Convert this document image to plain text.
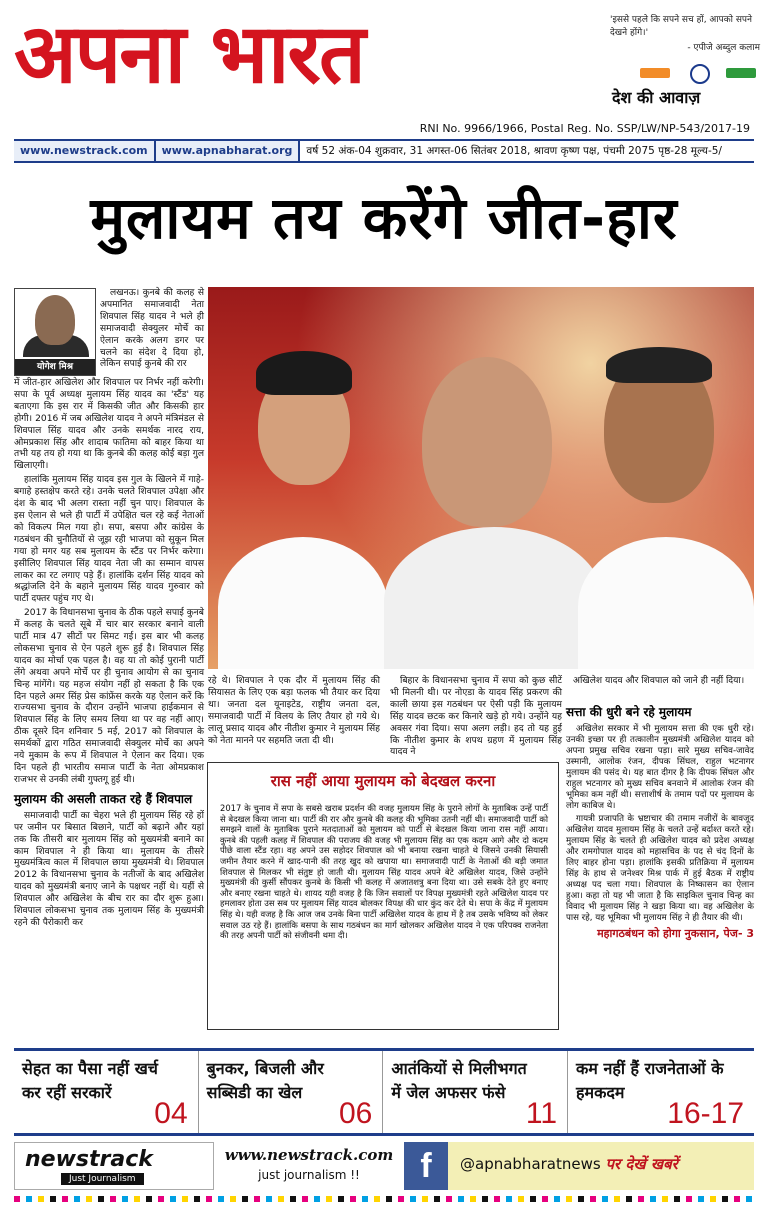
अपना भारत	'इससे पहले कि सपने सच हों, आपको सपने देखने होंगे।'
- एपीजे अब्दुल कलाम
देश की आवाज़
RNI No. 9966/1966, Postal Reg. No. SSP/LW/NP-543/2017-19
www.newstrack.com	www.apnabharat.org	वर्ष 52 अंक-04 शुक्रवार, 31 अगस्त-06 सितंबर 2018, श्रावण कृष्ण पक्ष, पंचमी 2075 पृष्ठ-28 मूल्य-5/
मुलायम तय करेंगे जीत-हार
योगेश मिश्र

लखनऊ। कुनबे की कलह से अपमानित समाजवादी नेता शिवपाल सिंह यादव ने भले ही समाजवादी सेक्युलर मोर्चे का ऐलान करके अलग डगर पर चलने का संदेश दे दिया हो, लेकिन सपाई कुनबे की रार

में जीत-हार अखिलेश और शिवपाल पर निर्भर नहीं करेगी। सपा के पूर्व अध्यक्ष मुलायम सिंह यादव का 'स्टैंड' यह बताएगा कि इस रार में किसकी जीत और किसकी हार होगी। 2016 में जब अखिलेश यादव ने अपने मंत्रिमंडल से शिवपाल सिंह यादव और उनके समर्थक नारद राय, ओमप्रकाश सिंह और शादाब फातिमा को बाहर किया था तभी यह तय हो गया था कि कुनबे की कलह कोई बड़ा गुल खिलाएगी।

हालांकि मुलायम सिंह यादव इस गुल के खिलने में गाहे-बगाहे हस्तक्षेप करते रहे। उनके चलते शिवपाल उपेक्षा और दंश के बाद भी अलग रास्ता नहीं चुन पाए। शिवपाल के इस ऐलान से भले ही पार्टी में उपेक्षित चल रहे कई नेताओं को विकल्प मिल गया हो। सपा, बसपा और कांग्रेस के गठबंधन की चुनौतियों से जूझ रही भाजपा को सुकून मिल गया हो मगर यह सब मुलायम के स्टैंड पर निर्भर करेगा। इसीलिए शिवपाल सिंह यादव नेता जी का सम्मान वापस लाकर का रट लगाए पड़े हैं। हालांकि दर्शन सिंह यादव को श्रद्धांजलि देने के बहाने मुलायम सिंह यादव गुरुवार को पार्टी दफ्तर पहुंच गए थे।

2017 के विधानसभा चुनाव के ठीक पहले सपाई कुनबे में कलह के चलते सूबे में चार बार सरकार बनाने वाली पार्टी मात्र 47 सीटों पर सिमट गई। इस बार भी कलह लोकसभा चुनाव से ऐन पहले शुरू हुई है। शिवपाल सिंह यादव का मोर्चा एक पहल है। वह या तो कोई पुरानी पार्टी लेंगे अथवा अपने मोर्चे पर ही चुनाव आयोग से का चुनाव चिन्ह मांगेंगे। यह महज संयोग नहीं हो सकता है कि एक दिन पहले अमर सिंह प्रेस कांफ्रेंस करके यह ऐलान करें कि राज्यसभा चुनाव के दौरान उन्होंने भाजपा हाईकमान से शिवपाल सिंह के लिए समय लिया था पर वह नहीं आए। ठीक दूसरे दिन शनिवार 5 मई, 2017 को शिवपाल के समर्थकों द्वारा गठित समाजवादी सेक्युलर मोर्चे का अपने नये मुकाम के रूप में शिवपाल ने ऐलान कर दिया। एक दिन पहले ही भारतीय समाज पार्टी के नेता ओमप्रकाश राजभर से उनकी लंबी गुफ्तगू हुई थी।

मुलायम की असली ताकत रहे हैं शिवपाल

समाजवादी पार्टी का चेहरा भले ही मुलायम सिंह रहे हों पर जमीन पर बिसात बिछाने, पार्टी को बढ़ाने और यहां तक कि तीसरी बार मुलायम सिंह को मुख्यमंत्री बनाने का काम शिवपाल ने ही किया था। मुलायम के तीसरे मुख्यमंत्रित्व काल में शिवपाल छाया मुख्यमंत्री थे। शिवपाल 2012 के विधानसभा चुनाव के नतीजों के बाद अखिलेश यादव को मुख्यमंत्री बनाए जाने के पक्षधर नहीं थे। यहीं से शिवपाल और अखिलेश के बीच रार का दौर शुरू हुआ। शिवपाल लोकसभा चुनाव तक मुलायम सिंह के मुख्यमंत्री रहने की पैरोकारी कर

रहे थे। शिवपाल ने एक दौर में मुलायम सिंह की सियासत के लिए एक बड़ा फलक भी तैयार कर दिया था। जनता दल यूनाइटेड, राष्ट्रीय जनता दल, समाजवादी पार्टी में विलय के लिए तैयार हो गये थे। लालू प्रसाद यादव और नीतीश कुमार ने मुलायम सिंह को नेता मानने पर सहमति जता दी थी।

बिहार के विधानसभा चुनाव में सपा को कुछ सीटें भी मिलनी थी। पर नोएडा के यादव सिंह प्रकरण की काली छाया इस गठबंधन पर ऐसी पड़ी कि मुलायम सिंह यादव छटक कर किनारे खड़े हो गये। उन्होंने यह अवसर गंवा दिया। सपा अलग लड़ी। हद तो यह हुई कि नीतीश कुमार के शपथ ग्रहण में मुलायम सिंह यादव ने

अखिलेश यादव और शिवपाल को जाने ही नहीं दिया।

रास नहीं आया मुलायम को बेदखल करना
2017 के चुनाव में सपा के सबसे खराब प्रदर्शन की वजह मुलायम सिंह के पुराने लोगों के मुताबिक उन्हें पार्टी से बेदखल किया जाना था। पार्टी की रार और कुनबे की कलह की भूमिका उतनी नहीं थी। समाजवादी पार्टी को समझने वालों के मुताबिक पुराने मतदाताओं को मुलायम को पार्टी से बेदखल किया जाना रास नहीं आया। कुनबे की पहली कलह में शिवपाल की पराजय की वजह भी मुलायम सिंह का एक कदम आगे और दो कदम पीछे वाला स्टैंड रहा। वह अपने उस सहोदर शिवपाल को भी बनाया रखना चाहते थे जिसने उनकी सियासी जमीन तैयार करने में खाद-पानी की तरह खुद को खपाया था। समाजवादी पार्टी के नेताओं की बड़ी जमात शिवपाल से मिलकर भी संतुष्ट हो जाती थी। मुलायम सिंह यादव अपने बेटे अखिलेश यादव, जिसे उन्होंने मुख्यमंत्री की कुर्सी सौंपकर कुनबे के किसी भी कलह में अजातशत्रु बना दिया था। उसे सबके देते हुए बनाए और बनाए रखना चाहते थे। शायद यही वजह है कि जिन सवालों पर विपक्ष मुख्यमंत्री रहते अखिलेश यादव पर हमलावर होता उस सब पर मुलायम सिंह यादव बोलकर विपक्ष की धार कुंद कर देते थे। सपा के केंद्र में मुलायम सिंह थे। यही वजह है कि आज जब उनके बिना पार्टी अखिलेश यादव के हाथ में है तब उसके भविष्य को लेकर सवाल उठ रहे हैं। हालांकि बसपा के साथ गठबंधन का मार्ग खोलकर अखिलेश यादव ने एक परिपक्व राजनेता की तरह अपनी पार्टी को संजीवनी थमा दी।
सत्ता की धुरी बने रहे मुलायम

अखिलेश सरकार में भी मुलायम सत्ता की एक धुरी रहे। उनकी इच्छा पर ही तत्कालीन मुख्यमंत्री अखिलेश यादव को अपना प्रमुख सचिव रखना पड़ा। सारे मुख्य सचिव-जावेद उस्मानी, आलोक रंजन, दीपक सिंघल, राहुल भटनागर मुलायम की पसंद थे। यह बात दीगर है कि दीपक सिंघल और राहुल भटनागर को मुख्य सचिव बनवाने में आलोक रंजन की भूमिका कम नहीं थी। सत्ताशीर्ष के तमाम पदों पर मुलायम के लोग काबिज थे।

गायत्री प्रजापति के भ्रष्टाचार की तमाम नजीरों के बावजूद अखिलेश यादव मुलायम सिंह के चलते उन्हें बर्दाश्त करते रहे। मुलायम सिंह के चलते ही अखिलेश यादव को प्रदेश अध्यक्ष और रामगोपाल यादव को महासचिव के पद से चंद दिनों के लिए बाहर होना पड़ा। हालांकि इसकी प्रतिक्रिया में मुलायम सिंह के हाथ से जनेश्वर मिश्र पार्क में हुई बैठक में राष्ट्रीय अध्यक्ष पद चला गया। शिवपाल के निष्कासन का ऐलान हुआ। कहा तो यह भी जाता है कि साइकिल चुनाव चिन्ह का विवाद भी मुलायम सिंह ने खड़ा किया था। वह अखिलेश के पास रहे, यह भूमिका भी मुलायम सिंह ने ही तैयार की थी।

महागठबंधन को होगा नुकसान, पेज- 3
सेहत का पैसा नहीं खर्च कर रहीं सरकारें
04
बुनकर, बिजली और सब्सिडी का खेल
06
आतंकियों से मिलीभगत में जेल अफसर फंसे
11
कम नहीं हैं राजनेताओं के हमकदम
16-17
newstrack
Just Journalism
www.newstrack.com
just journalism !!	f	@apnabharatnews पर देखें खबरें
